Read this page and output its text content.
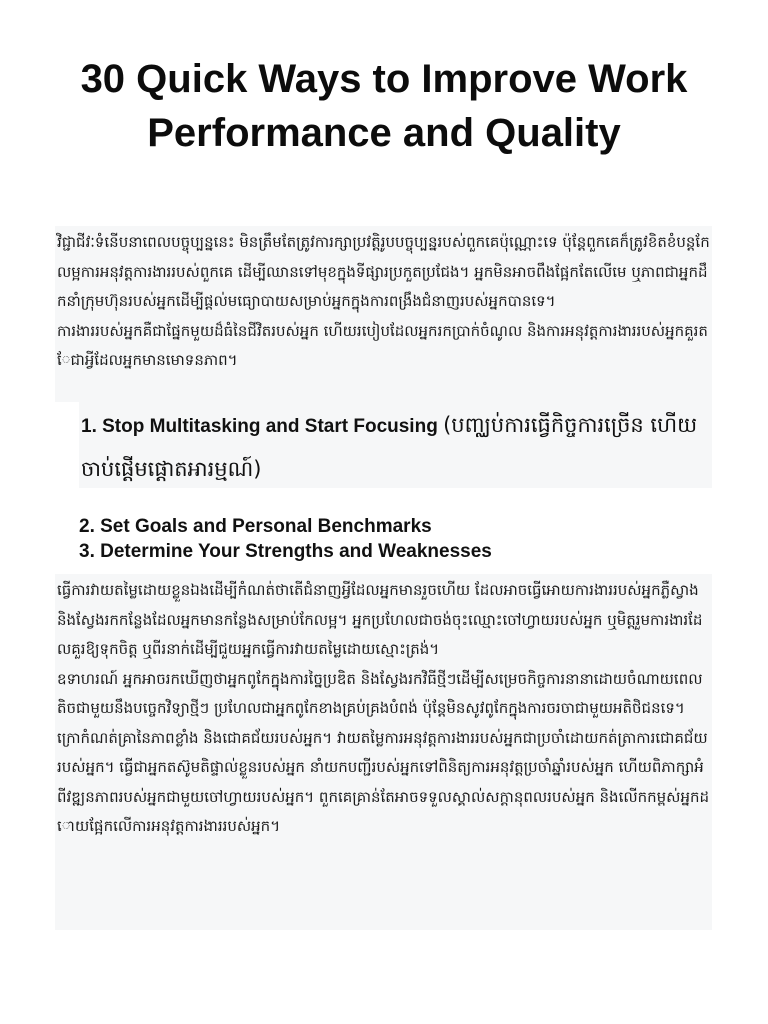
30 Quick Ways to Improve Work Performance and Quality

វិជ្ជាជីវៈទំនើបនាពេលបច្ចុប្បន្ននេះ មិនត្រឹមតែត្រូវការក្សាប្រវត្តិរូបបច្ចុប្បន្នរបស់ពួកគេប៉ុណ្ណោះទេ ប៉ុន្តែពួកគេក៏ត្រូវខិតខំបន្តកែលម្អការអនុវត្តការងាររបស់ពួកគេ ដើម្បីឈានទៅមុខក្នុងទីផ្សារប្រកួតប្រជែង។ អ្នកមិនអាចពឹងផ្អែកតែលើមេ ឬភាពជាអ្នកដឹកនាំក្រុមហ៊ុនរបស់អ្នកដើម្បីផ្តល់មធ្យោបាយសម្រាប់អ្នកក្នុងការពង្រឹងជំនាញរបស់អ្នកបានទេ។

ការងាររបស់អ្នកគឺជាផ្នែកមួយដ៏ធំនៃជីវិតរបស់អ្នក ហើយរបៀបដែលអ្នករកប្រាក់ចំណូល និងការអនុវត្តការងាររបស់អ្នកគួរតែជាអ្វីដែលអ្នកមានមោទនភាព។

1. Stop Multitasking and Start Focusing (បញ្ឈប់ការធ្វើកិច្ចការច្រើន ហើយចាប់ផ្តើមផ្តោតអារម្មណ៍)
2. Set Goals and Personal Benchmarks
3. Determine Your Strengths and Weaknesses

ធ្វើការវាយតម្លៃដោយខ្លួនឯងដើម្បីកំណត់ថាតើជំនាញអ្វីដែលអ្នកមានរួចហើយ ដែលអាចធ្វើអោយការងាររបស់អ្នកភ្លឺស្វាង និងស្វែងរកកន្លែងដែលអ្នកមានកន្លែងសម្រាប់កែលម្អ។ អ្នកប្រហែលជាចង់ចុះឈ្មោះចៅហ្វាយរបស់អ្នក ឬមិត្តរួមការងារដែលគួរឱ្យទុកចិត្ត ឬពីរនាក់ដើម្បីជួយអ្នកធ្វើការវាយតម្លៃដោយស្មោះត្រង់។

ឧទាហរណ៍ អ្នកអាចរកឃើញថាអ្នកពូកែក្នុងការច្នៃប្រឌិត និងស្វែងរកវិធីថ្មីៗដើម្បីសម្រេចកិច្ចការនានាដោយចំណាយពេលតិចជាមួយនឹងបច្ចេកវិទ្យាថ្មីៗ ប្រហែលជាអ្នកពូកែខាងគ្រប់គ្រងបំពង់ ប៉ុន្តែមិនសូវពូកែក្នុងការចរចាជាមួយអតិថិជនទេ។

ក្រោកំណត់គ្រានៃភាពខ្លាំង និងជោគជ័យរបស់អ្នក។ វាយតម្លៃការអនុវត្តការងាររបស់អ្នកជាប្រចាំដោយកត់ត្រាការជោគជ័យរបស់អ្នក។ ធ្វើជាអ្នកតស៊ូមតិផ្ទាល់ខ្លួនរបស់អ្នក នាំយកបញ្ជីរបស់អ្នកទៅពិនិត្យការអនុវត្តប្រចាំឆ្នាំរបស់អ្នក ហើយពិភាក្សាអំពីវឌ្ឍនភាពរបស់អ្នកជាមួយចៅហ្វាយរបស់អ្នក។ ពួកគេគ្រាន់តែអាចទទួលស្គាល់សក្តានុពលរបស់អ្នក និងលើកកម្ពស់អ្នកដោយផ្អែកលើការអនុវត្តការងាររបស់អ្នក។
